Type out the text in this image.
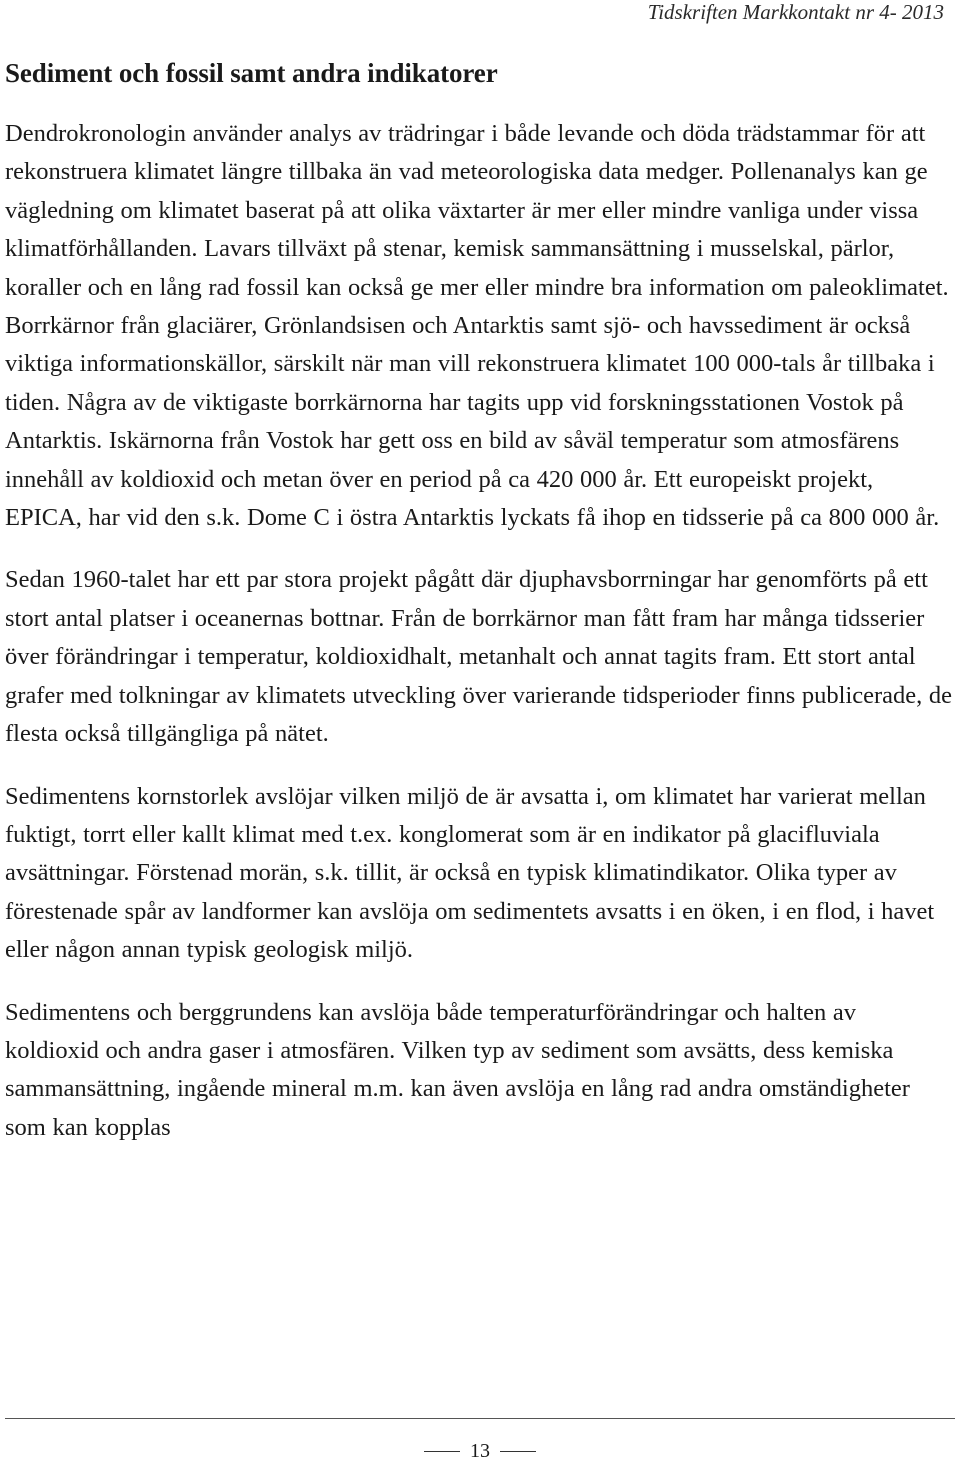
Tidskriften Markkontakt nr 4- 2013
Sediment och fossil samt andra indikatorer

Dendrokronologin använder analys av trädringar i både levande och döda trädstammar för att rekonstruera klimatet längre tillbaka än vad meteorologiska data medger. Pollenanalys kan ge vägledning om klimatet baserat på att olika växtarter är mer eller mindre vanliga under vissa klimatförhållanden. Lavars tillväxt på stenar, kemisk sammansättning i musselskal, pärlor, koraller och en lång rad fossil kan också ge mer eller mindre bra information om paleoklimatet. Borrkärnor från glaciärer, Grönlandsisen och Antarktis samt sjö- och havssediment är också viktiga informationskällor, särskilt när man vill rekonstruera klimatet 100 000-tals år tillbaka i tiden. Några av de viktigaste borrkärnorna har tagits upp vid forskningsstationen Vostok på Antarktis. Iskärnorna från Vostok har gett oss en bild av såväl temperatur som atmosfärens innehåll av koldioxid och metan över en period på ca 420 000 år. Ett europeiskt projekt, EPICA, har vid den s.k. Dome C i östra Antarktis lyckats få ihop en tidsserie på ca 800 000 år.

Sedan 1960-talet har ett par stora projekt pågått där djuphavsborrningar har genomförts på ett stort antal platser i oceanernas bottnar. Från de borrkärnor man fått fram har många tidsserier över förändringar i temperatur, koldioxidhalt, metanhalt och annat tagits fram. Ett stort antal grafer med tolkningar av klimatets utveckling över varierande tidsperioder finns publicerade, de flesta också tillgängliga på nätet.

Sedimentens kornstorlek avslöjar vilken miljö de är avsatta i, om klimatet har varierat mellan fuktigt, torrt eller kallt klimat med t.ex. konglomerat som är en indikator på glacifluviala avsättningar. Förstenad morän, s.k. tillit, är också en typisk klimatindikator. Olika typer av förestenade spår av landformer kan avslöja om sedimentets avsatts i en öken, i en flod, i havet eller någon annan typisk geologisk miljö.

Sedimentens och berggrundens kan avslöja både temperaturförändringar och halten av koldioxid och andra gaser i atmosfären. Vilken typ av sediment som avsätts, dess kemiska sammansättning, ingående mineral m.m. kan även avslöja en lång rad andra omständigheter som kan kopplas

13
